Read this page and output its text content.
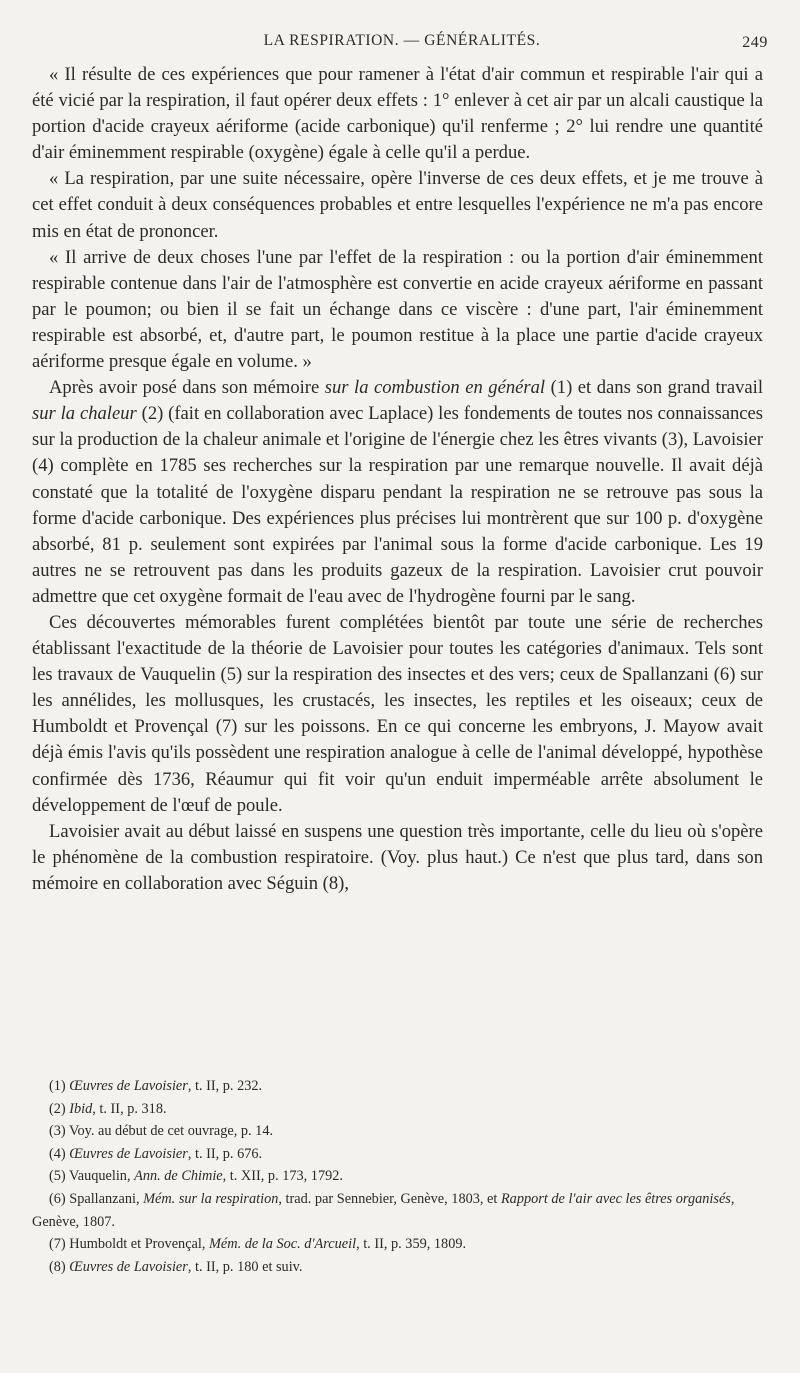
LA RESPIRATION. — GÉNÉRALITÉS.	249

« Il résulte de ces expériences que pour ramener à l'état d'air commun et respirable l'air qui a été vicié par la respiration, il faut opérer deux effets : 1° enlever à cet air par un alcali caustique la portion d'acide crayeux aériforme (acide carbonique) qu'il renferme ; 2° lui rendre une quantité d'air éminemment respirable (oxygène) égale à celle qu'il a perdue.

« La respiration, par une suite nécessaire, opère l'inverse de ces deux effets, et je me trouve à cet effet conduit à deux conséquences probables et entre lesquelles l'expérience ne m'a pas encore mis en état de prononcer.

« Il arrive de deux choses l'une par l'effet de la respiration : ou la portion d'air éminemment respirable contenue dans l'air de l'atmosphère est convertie en acide crayeux aériforme en passant par le poumon; ou bien il se fait un échange dans ce viscère : d'une part, l'air éminemment respirable est absorbé, et, d'autre part, le poumon restitue à la place une partie d'acide crayeux aériforme presque égale en volume. »

Après avoir posé dans son mémoire sur la combustion en général (1) et dans son grand travail sur la chaleur (2) (fait en collaboration avec Laplace) les fondements de toutes nos connaissances sur la production de la chaleur animale et l'origine de l'énergie chez les êtres vivants (3), Lavoisier (4) complète en 1785 ses recherches sur la respiration par une remarque nouvelle. Il avait déjà constaté que la totalité de l'oxygène disparu pendant la respiration ne se retrouve pas sous la forme d'acide carbonique. Des expériences plus précises lui montrèrent que sur 100 p. d'oxygène absorbé, 81 p. seulement sont expirées par l'animal sous la forme d'acide carbonique. Les 19 autres ne se retrouvent pas dans les produits gazeux de la respiration. Lavoisier crut pouvoir admettre que cet oxygène formait de l'eau avec de l'hydrogène fourni par le sang.

Ces découvertes mémorables furent complétées bientôt par toute une série de recherches établissant l'exactitude de la théorie de Lavoisier pour toutes les catégories d'animaux. Tels sont les travaux de Vauquelin (5) sur la respiration des insectes et des vers; ceux de Spallanzani (6) sur les annélides, les mollusques, les crustacés, les insectes, les reptiles et les oiseaux; ceux de Humboldt et Provençal (7) sur les poissons. En ce qui concerne les embryons, J. Mayow avait déjà émis l'avis qu'ils possèdent une respiration analogue à celle de l'animal développé, hypothèse confirmée dès 1736, Réaumur qui fit voir qu'un enduit imperméable arrête absolument le développement de l'œuf de poule.

Lavoisier avait au début laissé en suspens une question très importante, celle du lieu où s'opère le phénomène de la combustion respiratoire. (Voy. plus haut.) Ce n'est que plus tard, dans son mémoire en collaboration avec Séguin (8),

(1) Œuvres de Lavoisier, t. II, p. 232.

(2) Ibid, t. II, p. 318.

(3) Voy. au début de cet ouvrage, p. 14.

(4) Œuvres de Lavoisier, t. II, p. 676.

(5) Vauquelin, Ann. de Chimie, t. XII, p. 173, 1792.

(6) Spallanzani, Mém. sur la respiration, trad. par Sennebier, Genève, 1803, et Rapport de l'air avec les êtres organisés, Genève, 1807.

(7) Humboldt et Provençal, Mém. de la Soc. d'Arcueil, t. II, p. 359, 1809.

(8) Œuvres de Lavoisier, t. II, p. 180 et suiv.
